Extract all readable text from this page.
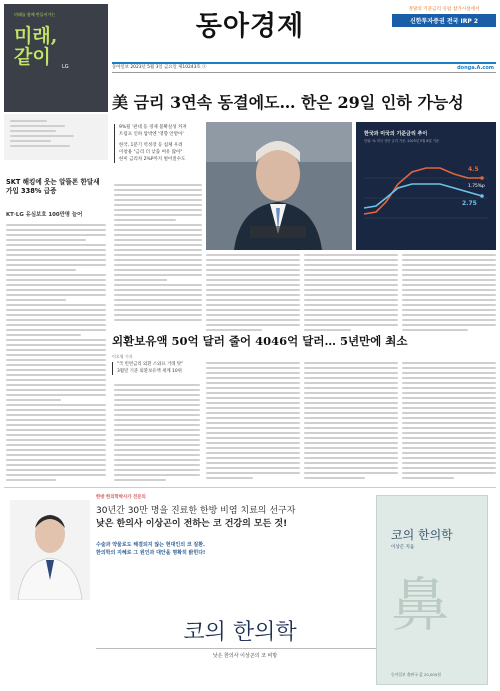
미래를 함께 만들어가는
미래,
같이	LG
동아경제
정말의 기준금리 유럽 참가시설에서
신한투자증권 전국 IRP 2
동아일보 2023년 5월 3일 금요일 제10243호 ⓐ	donga.A.com
美 금리 3연속 동결에도… 한은 29일 인하 가능성
9%될 '관대 등 경제 불확실성 커져
트럼프 인하 압박엔 '영향 안받아'
한국, 1분기 역성장 등 침체 우려
이창용 "금리 더 낮출 여유 많아"
한미 금리차 2%P까지 벌어질수도
한국과 미국의 기준금리 추이
단위: % 미국 상단 금리 기준. 2025년 5월 8일 기준
4.5
2.75
1.75%p
SKT 해킹에 웃는 알뜰폰 한달새 가입 338% 급증
KT·LG 유심보호 100만명 늘어
외환보유액 50억 달러 줄어 4046억 달러… 5년만에 최소
이오영 기자
"국 빈번금리 외환 스와프 거래 탓"
3월말 기준 외환보유액 세계 10위
한방 한의학박사가 전문의
30년간 30만 명을 진료한 한방 비염 치료의 선구자
낮은 한의사 이상곤이 전하는 코 건강의 모든 것!
수술과 약물로도 해결되지 않는 현대인의 코 질환.
한의학의 지혜로 그 원인과 대안을 명확히 밝힌다!
코의 한의학
낮은 한의사 이상곤의 코 비방
코의 한의학
이상곤 지음
鼻
동아일보 출판국 값 20,000원
